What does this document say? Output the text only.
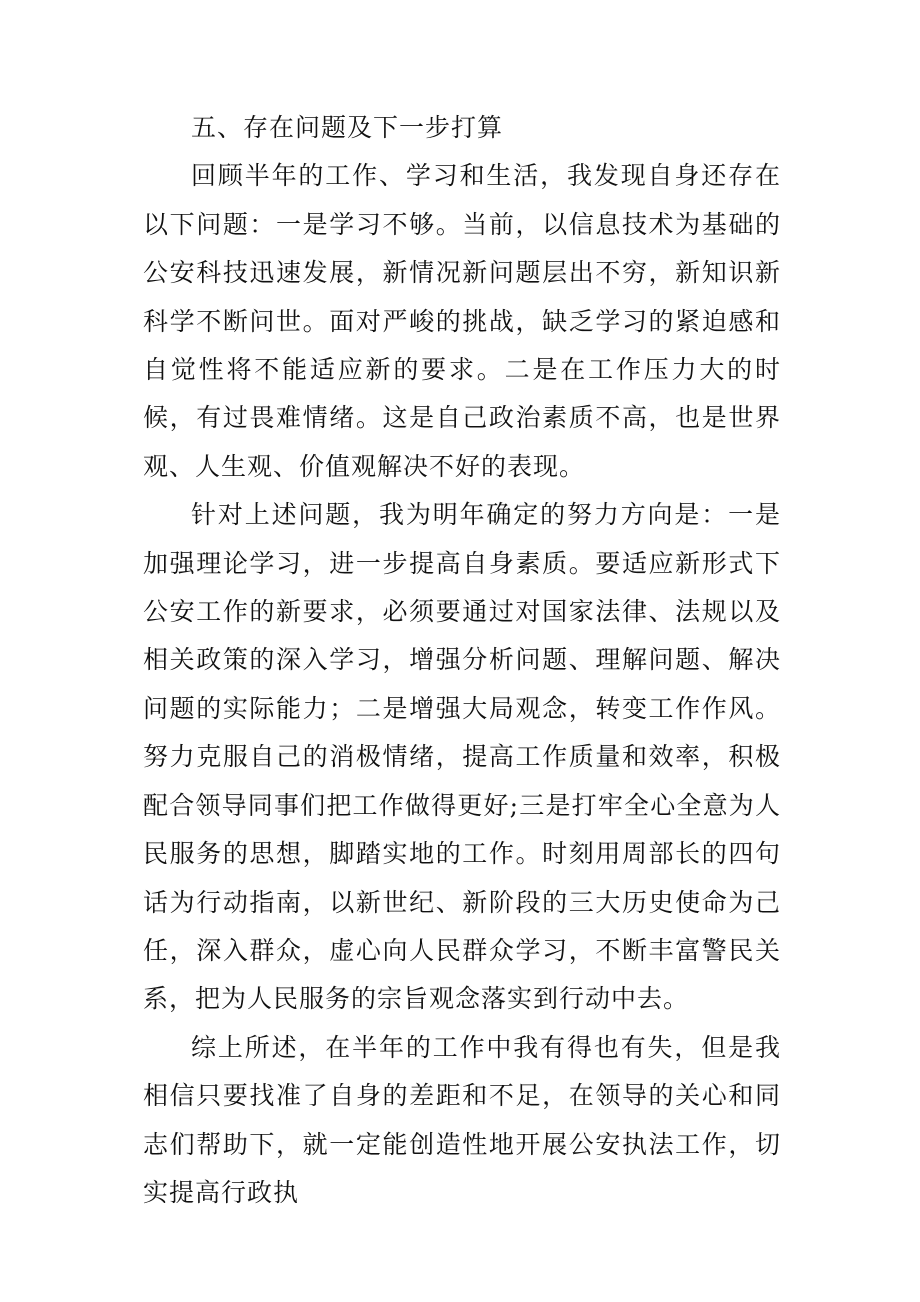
五、存在问题及下一步打算

回顾半年的工作、学习和生活，我发现自身还存在以下问题：一是学习不够。当前，以信息技术为基础的公安科技迅速发展，新情况新问题层出不穷，新知识新科学不断问世。面对严峻的挑战，缺乏学习的紧迫感和自觉性将不能适应新的要求。二是在工作压力大的时候，有过畏难情绪。这是自己政治素质不高，也是世界观、人生观、价值观解决不好的表现。

针对上述问题，我为明年确定的努力方向是：一是加强理论学习，进一步提高自身素质。要适应新形式下公安工作的新要求，必须要通过对国家法律、法规以及相关政策的深入学习，增强分析问题、理解问题、解决问题的实际能力；二是增强大局观念，转变工作作风。努力克服自己的消极情绪，提高工作质量和效率，积极配合领导同事们把工作做得更好;三是打牢全心全意为人民服务的思想，脚踏实地的工作。时刻用周部长的四句话为行动指南，以新世纪、新阶段的三大历史使命为己任，深入群众，虚心向人民群众学习，不断丰富警民关系，把为人民服务的宗旨观念落实到行动中去。

综上所述，在半年的工作中我有得也有失，但是我相信只要找准了自身的差距和不足，在领导的关心和同志们帮助下，就一定能创造性地开展公安执法工作，切实提高行政执
